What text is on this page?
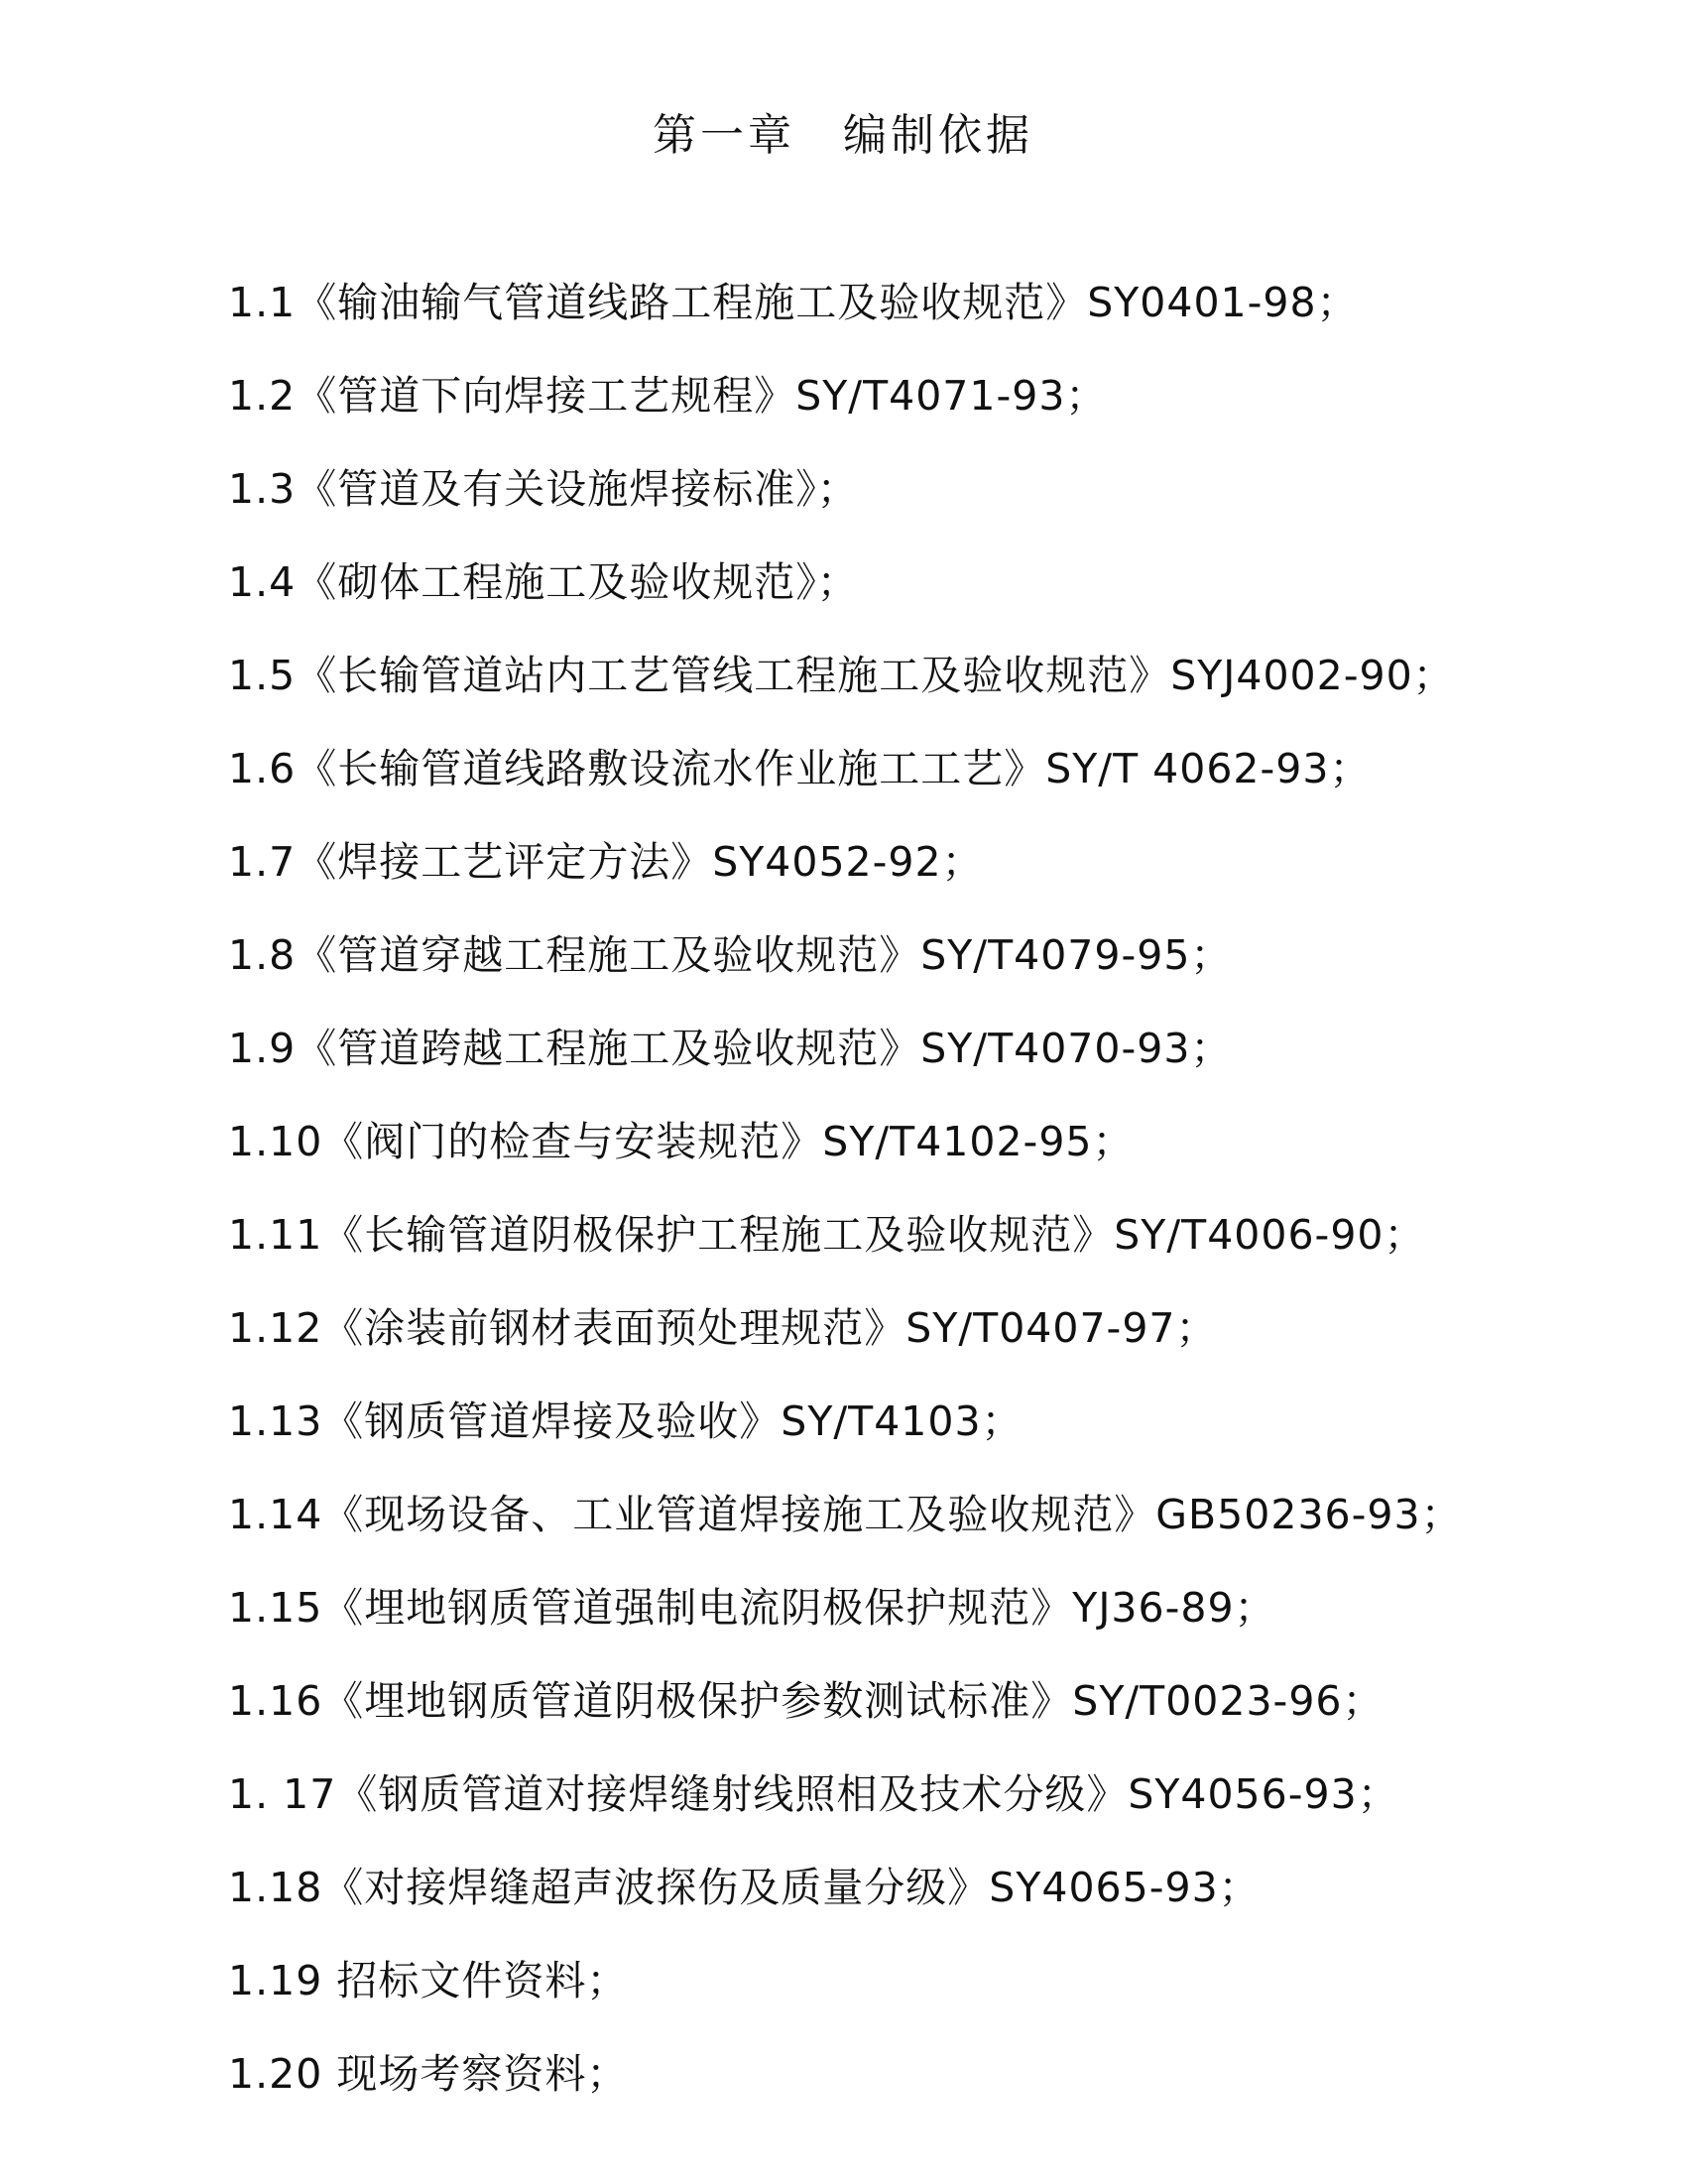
第一章　编制依据
1.1《输油输气管道线路工程施工及验收规范》SY0401-98；
1.2《管道下向焊接工艺规程》SY/T4071-93；
1.3《管道及有关设施焊接标准》；
1.4《砌体工程施工及验收规范》；
1.5《长输管道站内工艺管线工程施工及验收规范》SYJ4002-90；
1.6《长输管道线路敷设流水作业施工工艺》SY/T 4062-93；
1.7《焊接工艺评定方法》SY4052-92；
1.8《管道穿越工程施工及验收规范》SY/T4079-95；
1.9《管道跨越工程施工及验收规范》SY/T4070-93；
1.10《阀门的检查与安装规范》SY/T4102-95；
1.11《长输管道阴极保护工程施工及验收规范》SY/T4006-90；
1.12《涂装前钢材表面预处理规范》SY/T0407-97；
1.13《钢质管道焊接及验收》SY/T4103；
1.14《现场设备、工业管道焊接施工及验收规范》GB50236-93；
1.15《埋地钢质管道强制电流阴极保护规范》YJ36-89；
1.16《埋地钢质管道阴极保护参数测试标准》SY/T0023-96；
1. 17《钢质管道对接焊缝射线照相及技术分级》SY4056-93；
1.18《对接焊缝超声波探伤及质量分级》SY4065-93；
1.19 招标文件资料；
1.20 现场考察资料；
